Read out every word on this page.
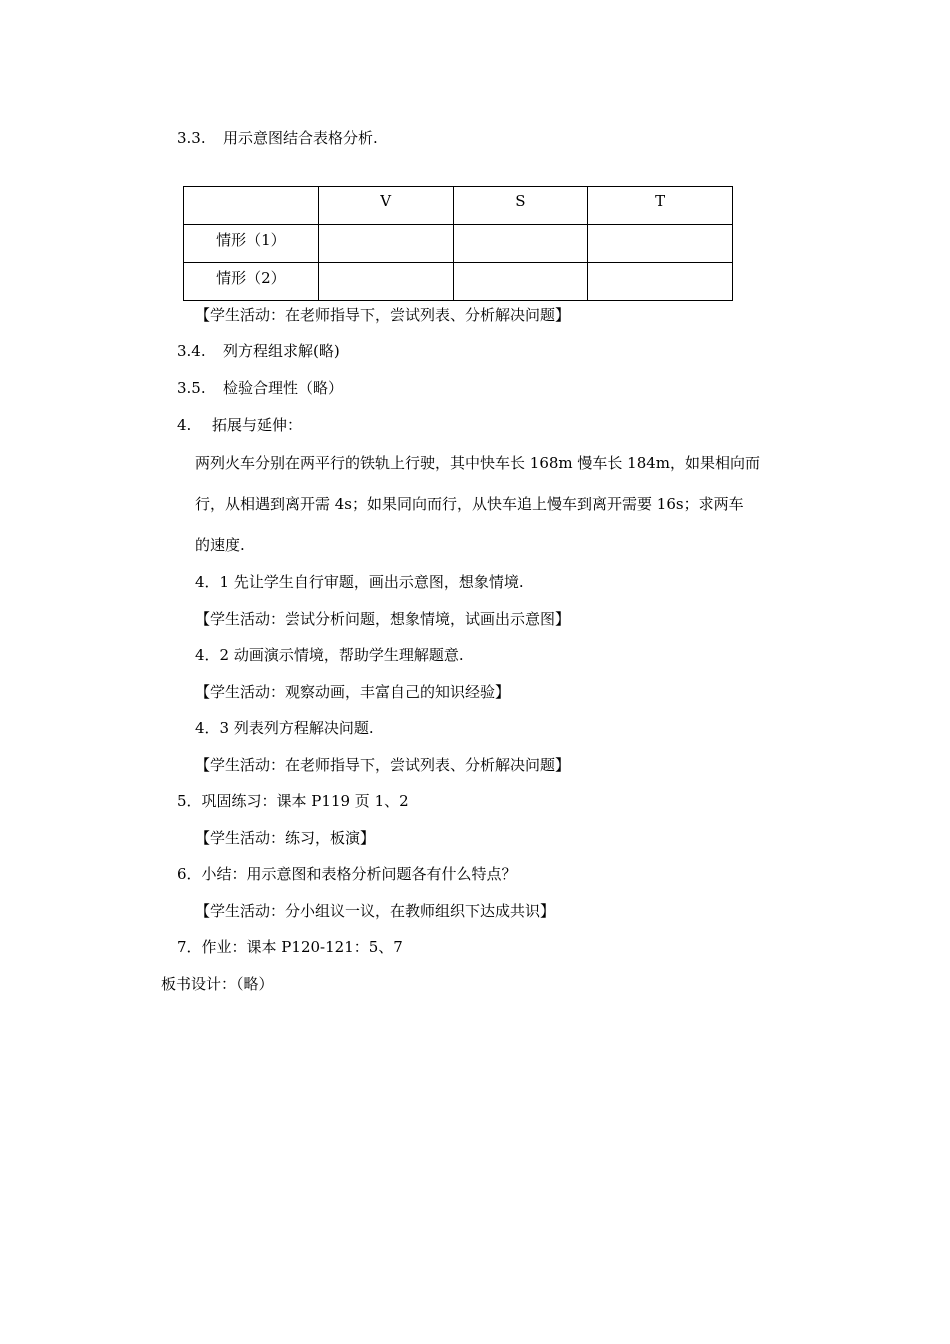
3.3. 用示意图结合表格分析.
	V	S	T
情形（1）			
情形（2）			
【学生活动：在老师指导下，尝试列表、分析解决问题】
3.4. 列方程组求解(略)
3.5. 检验合理性（略）
4. 拓展与延伸：
两列火车分别在两平行的铁轨上行驶，其中快车长 168m 慢车长 184m，如果相向而
行，从相遇到离开需 4s；如果同向而行，从快车追上慢车到离开需要 16s；求两车
的速度.
4．1 先让学生自行审题，画出示意图，想象情境.
【学生活动：尝试分析问题，想象情境，试画出示意图】
4．2 动画演示情境，帮助学生理解题意.
【学生活动：观察动画，丰富自己的知识经验】
4．3 列表列方程解决问题.
【学生活动：在老师指导下，尝试列表、分析解决问题】
5．巩固练习：课本 P119 页 1、2
【学生活动：练习，板演】
6．小结：用示意图和表格分析问题各有什么特点？
【学生活动：分小组议一议，在教师组织下达成共识】
7．作业：课本 P120-121：5、7
板书设计：（略）
